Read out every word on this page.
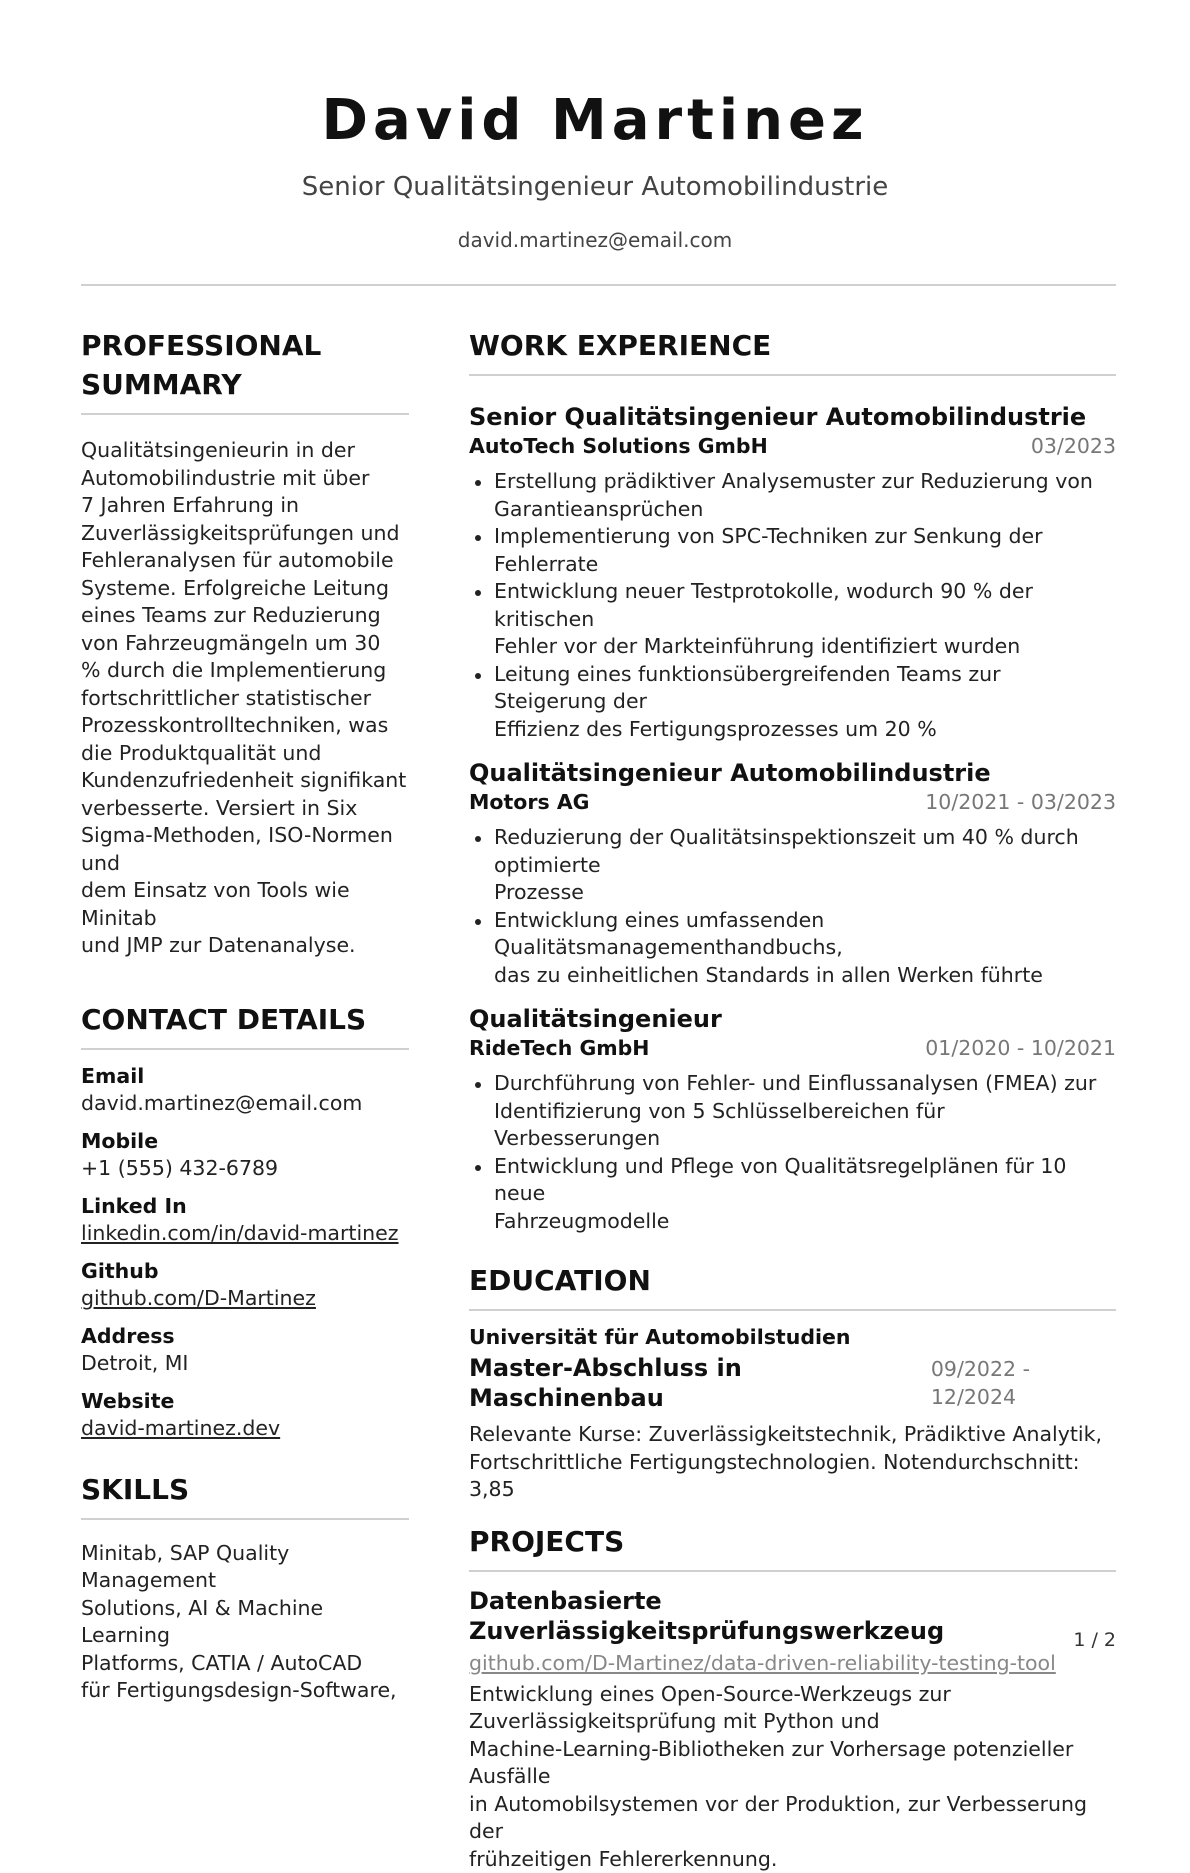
David Martinez
Senior Qualitätsingenieur Automobilindustrie
david.martinez@email.com
PROFESSIONAL
SUMMARY
Qualitätsingenieurin in der
Automobilindustrie mit über
7 Jahren Erfahrung in
Zuverlässigkeitsprüfungen und
Fehleranalysen für automobile
Systeme. Erfolgreiche Leitung
eines Teams zur Reduzierung
von Fahrzeugmängeln um 30
% durch die Implementierung
fortschrittlicher statistischer
Prozesskontrolltechniken, was
die Produktqualität und
Kundenzufriedenheit signifikant
verbesserte. Versiert in Six
Sigma-Methoden, ISO-Normen und
dem Einsatz von Tools wie Minitab
und JMP zur Datenanalyse.
CONTACT DETAILS
Email
david.martinez@email.com
Mobile
+1 (555) 432-6789
Linked In
linkedin.com/in/david-martinez
Github
github.com/D-Martinez
Address
Detroit, MI
Website
david-martinez.dev
SKILLS
Minitab, SAP Quality Management
Solutions, AI & Machine Learning
Platforms, CATIA / AutoCAD
für Fertigungsdesign-Software,
WORK EXPERIENCE
Senior Qualitätsingenieur Automobilindustrie
AutoTech Solutions GmbH	03/2023
Erstellung prädiktiver Analysemuster zur Reduzierung von
Garantieansprüchen
Implementierung von SPC-Techniken zur Senkung der Fehlerrate
Entwicklung neuer Testprotokolle, wodurch 90 % der kritischen
Fehler vor der Markteinführung identifiziert wurden
Leitung eines funktionsübergreifenden Teams zur Steigerung der
Effizienz des Fertigungsprozesses um 20 %
Qualitätsingenieur Automobilindustrie
Motors AG	10/2021 - 03/2023
Reduzierung der Qualitätsinspektionszeit um 40 % durch optimierte
Prozesse
Entwicklung eines umfassenden Qualitätsmanagementhandbuchs,
das zu einheitlichen Standards in allen Werken führte
Qualitätsingenieur
RideTech GmbH	01/2020 - 10/2021
Durchführung von Fehler- und Einflussanalysen (FMEA) zur
Identifizierung von 5 Schlüsselbereichen für Verbesserungen
Entwicklung und Pflege von Qualitätsregelplänen für 10 neue
Fahrzeugmodelle
EDUCATION
Universität für Automobilstudien
Master-Abschluss in Maschinenbau
09/2022 - 12/2024
Relevante Kurse: Zuverlässigkeitstechnik, Prädiktive Analytik,
Fortschrittliche Fertigungstechnologien. Notendurchschnitt: 3,85
PROJECTS
Datenbasierte Zuverlässigkeitsprüfungswerkzeug
github.com/D-Martinez/data-driven-reliability-testing-tool
Entwicklung eines Open-Source-Werkzeugs zur
Zuverlässigkeitsprüfung mit Python und
Machine-Learning-Bibliotheken zur Vorhersage potenzieller Ausfälle
in Automobilsystemen vor der Produktion, zur Verbesserung der
frühzeitigen Fehlererkennung.
1 / 2
